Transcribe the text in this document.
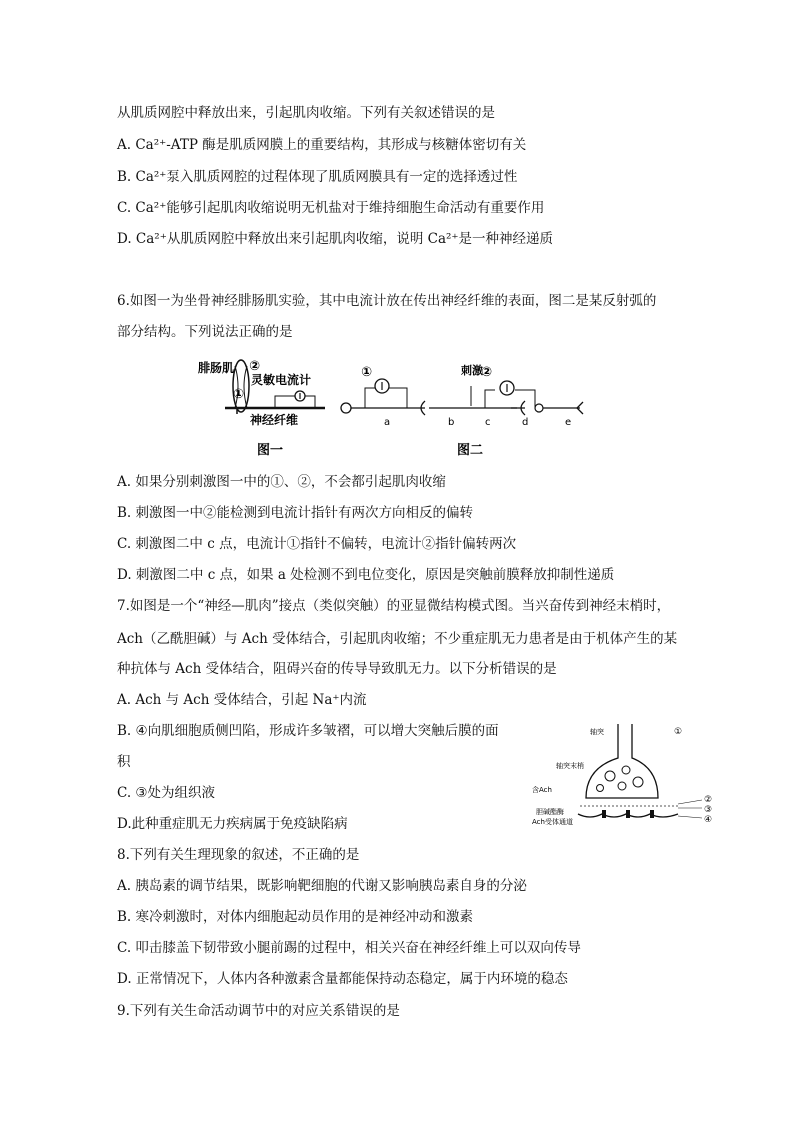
从肌质网腔中释放出来，引起肌肉收缩。下列有关叙述错误的是
A. Ca²⁺-ATP 酶是肌质网膜上的重要结构，其形成与核糖体密切有关
B. Ca²⁺泵入肌质网腔的过程体现了肌质网膜具有一定的选择透过性
C. Ca²⁺能够引起肌肉收缩说明无机盐对于维持细胞生命活动有重要作用
D. Ca²⁺从肌质网腔中释放出来引起肌肉收缩，说明 Ca²⁺是一种神经递质
6.如图一为坐骨神经腓肠肌实验，其中电流计放在传出神经纤维的表面，图二是某反射弧的
部分结构。下列说法正确的是
腓肠肌 ②
①
灵敏电流计
神经纤维
图一
①	刺激
②
a	b	c	d	e
图二
A. 如果分别刺激图一中的①、②，不会都引起肌肉收缩
B. 刺激图一中②能检测到电流计指针有两次方向相反的偏转
C. 刺激图二中 c 点，电流计①指针不偏转，电流计②指针偏转两次
D. 刺激图二中 c 点，如果 a 处检测不到电位变化，原因是突触前膜释放抑制性递质
7.如图是一个“神经—肌肉”接点（类似突触）的亚显微结构模式图。当兴奋传到神经末梢时，
Ach（乙酰胆碱）与 Ach 受体结合，引起肌肉收缩；不少重症肌无力患者是由于机体产生的某
种抗体与 Ach 受体结合，阻碍兴奋的传导导致肌无力。以下分析错误的是
A. Ach 与 Ach 受体结合，引起 Na⁺内流
B. ④向肌细胞质侧凹陷，形成许多皱褶，可以增大突触后膜的面
积
C. ③处为组织液
D.此种重症肌无力疾病属于免疫缺陷病
轴突	①
轴突末梢
含Ach
胆碱酯酶
Ach受体通道
②
③
④
8.下列有关生理现象的叙述，不正确的是
A. 胰岛素的调节结果，既影响靶细胞的代谢又影响胰岛素自身的分泌
B. 寒冷刺激时，对体内细胞起动员作用的是神经冲动和激素
C. 叩击膝盖下韧带致小腿前踢的过程中，相关兴奋在神经纤维上可以双向传导
D. 正常情况下，人体内各种激素含量都能保持动态稳定，属于内环境的稳态
9.下列有关生命活动调节中的对应关系错误的是
